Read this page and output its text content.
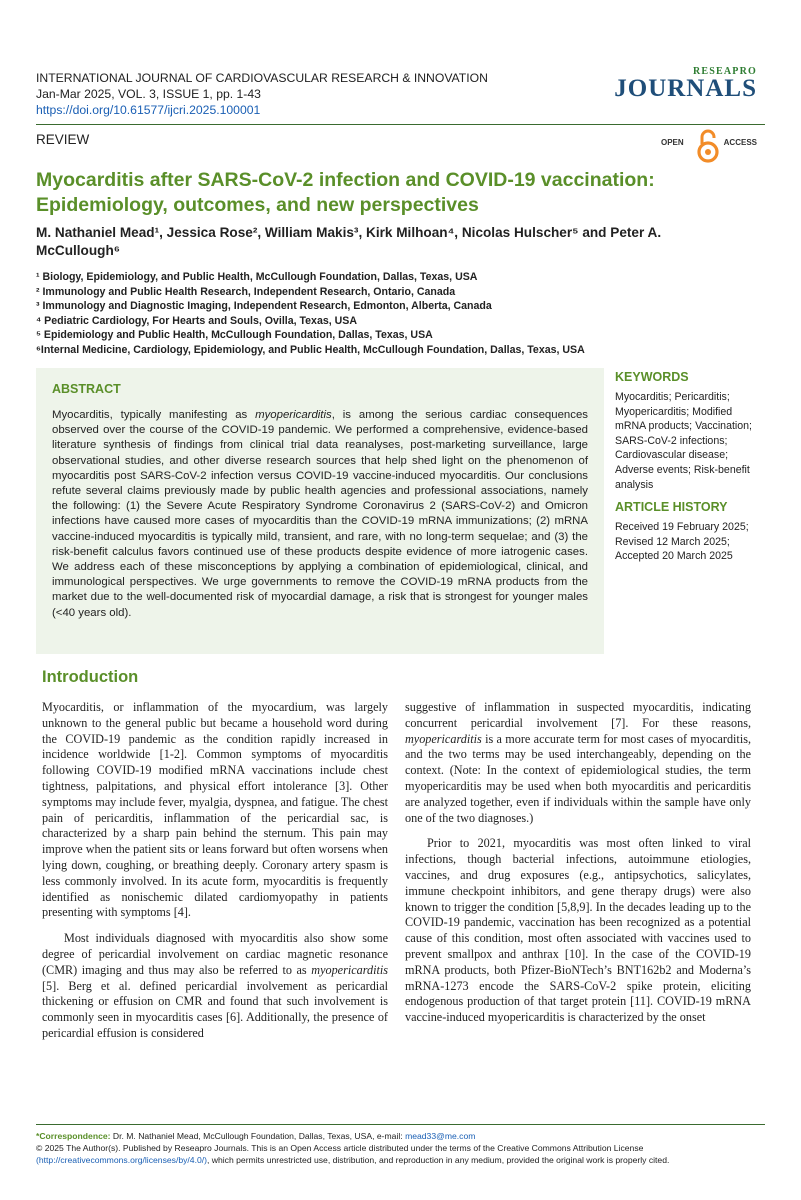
INTERNATIONAL JOURNAL OF CARDIOVASCULAR RESEARCH & INNOVATION
Jan-Mar 2025, VOL. 3, ISSUE 1, pp. 1-43
https://doi.org/10.61577/ijcri.2025.100001
RESEAPRO
JOURNALS
REVIEW	OPEN	ACCESS
Myocarditis after SARS-CoV-2 infection and COVID-19 vaccination: Epidemiology, outcomes, and new perspectives
M. Nathaniel Mead¹, Jessica Rose², William Makis³, Kirk Milhoan⁴, Nicolas Hulscher⁵ and Peter A. McCullough⁶
¹ Biology, Epidemiology, and Public Health, McCullough Foundation, Dallas, Texas, USA
² Immunology and Public Health Research, Independent Research, Ontario, Canada
³ Immunology and Diagnostic Imaging, Independent Research, Edmonton, Alberta, Canada
⁴ Pediatric Cardiology, For Hearts and Souls, Ovilla, Texas, USA
⁵ Epidemiology and Public Health, McCullough Foundation, Dallas, Texas, USA
⁶Internal Medicine, Cardiology, Epidemiology, and Public Health, McCullough Foundation, Dallas, Texas, USA
ABSTRACT

Myocarditis, typically manifesting as myopericarditis, is among the serious cardiac consequences observed over the course of the COVID-19 pandemic. We performed a comprehensive, evidence-based literature synthesis of findings from clinical trial data reanalyses, post-marketing surveillance, large observational studies, and other diverse research sources that help shed light on the phenomenon of myocarditis post SARS-CoV-2 infection versus COVID-19 vaccine-induced myocarditis. Our conclusions refute several claims previously made by public health agencies and professional associations, namely the following: (1) the Severe Acute Respiratory Syndrome Coronavirus 2 (SARS-CoV-2) and Omicron infections have caused more cases of myocarditis than the COVID-19 mRNA immunizations; (2) mRNA vaccine-induced myocarditis is typically mild, transient, and rare, with no long-term sequelae; and (3) the risk-benefit calculus favors continued use of these products despite evidence of more iatrogenic cases. We address each of these misconceptions by applying a combination of epidemiological, clinical, and immunological perspectives. We urge governments to remove the COVID-19 mRNA products from the market due to the well-documented risk of myocardial damage, a risk that is strongest for younger males (<40 years old).

KEYWORDS
Myocarditis; Pericarditis; Myopericarditis; Modified mRNA products; Vaccination; SARS-CoV-2 infections; Cardiovascular disease; Adverse events; Risk-benefit analysis
ARTICLE HISTORY
Received 19 February 2025;
Revised 12 March 2025;
Accepted 20 March 2025
Introduction

Myocarditis, or inflammation of the myocardium, was largely unknown to the general public but became a household word during the COVID-19 pandemic as the condition rapidly increased in incidence worldwide [1-2]. Common symptoms of myocarditis following COVID-19 modified mRNA vaccinations include chest tightness, palpitations, and physical effort intolerance [3]. Other symptoms may include fever, myalgia, dyspnea, and fatigue. The chest pain of pericarditis, inflammation of the pericardial sac, is characterized by a sharp pain behind the sternum. This pain may improve when the patient sits or leans forward but often worsens when lying down, coughing, or breathing deeply. Coronary artery spasm is less commonly involved. In its acute form, myocarditis is frequently identified as nonischemic dilated cardiomyopathy in patients presenting with symptoms [4].

Most individuals diagnosed with myocarditis also show some degree of pericardial involvement on cardiac magnetic resonance (CMR) imaging and thus may also be referred to as myopericarditis [5]. Berg et al. defined pericardial involvement as pericardial thickening or effusion on CMR and found that such involvement is commonly seen in myocarditis cases [6]. Additionally, the presence of pericardial effusion is considered

suggestive of inflammation in suspected myocarditis, indicating concurrent pericardial involvement [7]. For these reasons, myopericarditis is a more accurate term for most cases of myocarditis, and the two terms may be used interchangeably, depending on the context. (Note: In the context of epidemiological studies, the term myopericarditis may be used when both myocarditis and pericarditis are analyzed together, even if individuals within the sample have only one of the two diagnoses.)

Prior to 2021, myocarditis was most often linked to viral infections, though bacterial infections, autoimmune etiologies, vaccines, and drug exposures (e.g., antipsychotics, salicylates, immune checkpoint inhibitors, and gene therapy drugs) were also known to trigger the condition [5,8,9]. In the decades leading up to the COVID-19 pandemic, vaccination has been recognized as a potential cause of this condition, most often associated with vaccines used to prevent smallpox and anthrax [10]. In the case of the COVID-19 mRNA products, both Pfizer-BioNTech’s BNT162b2 and Moderna’s mRNA-1273 encode the SARS-CoV-2 spike protein, eliciting endogenous production of that target protein [11]. COVID-19 mRNA vaccine-induced myopericarditis is characterized by the onset

*Correspondence: Dr. M. Nathaniel Mead, McCullough Foundation, Dallas, Texas, USA, e-mail: mead33@me.com
© 2025 The Author(s). Published by Reseapro Journals. This is an Open Access article distributed under the terms of the Creative Commons Attribution License
(http://creativecommons.org/licenses/by/4.0/), which permits unrestricted use, distribution, and reproduction in any medium, provided the original work is properly cited.
